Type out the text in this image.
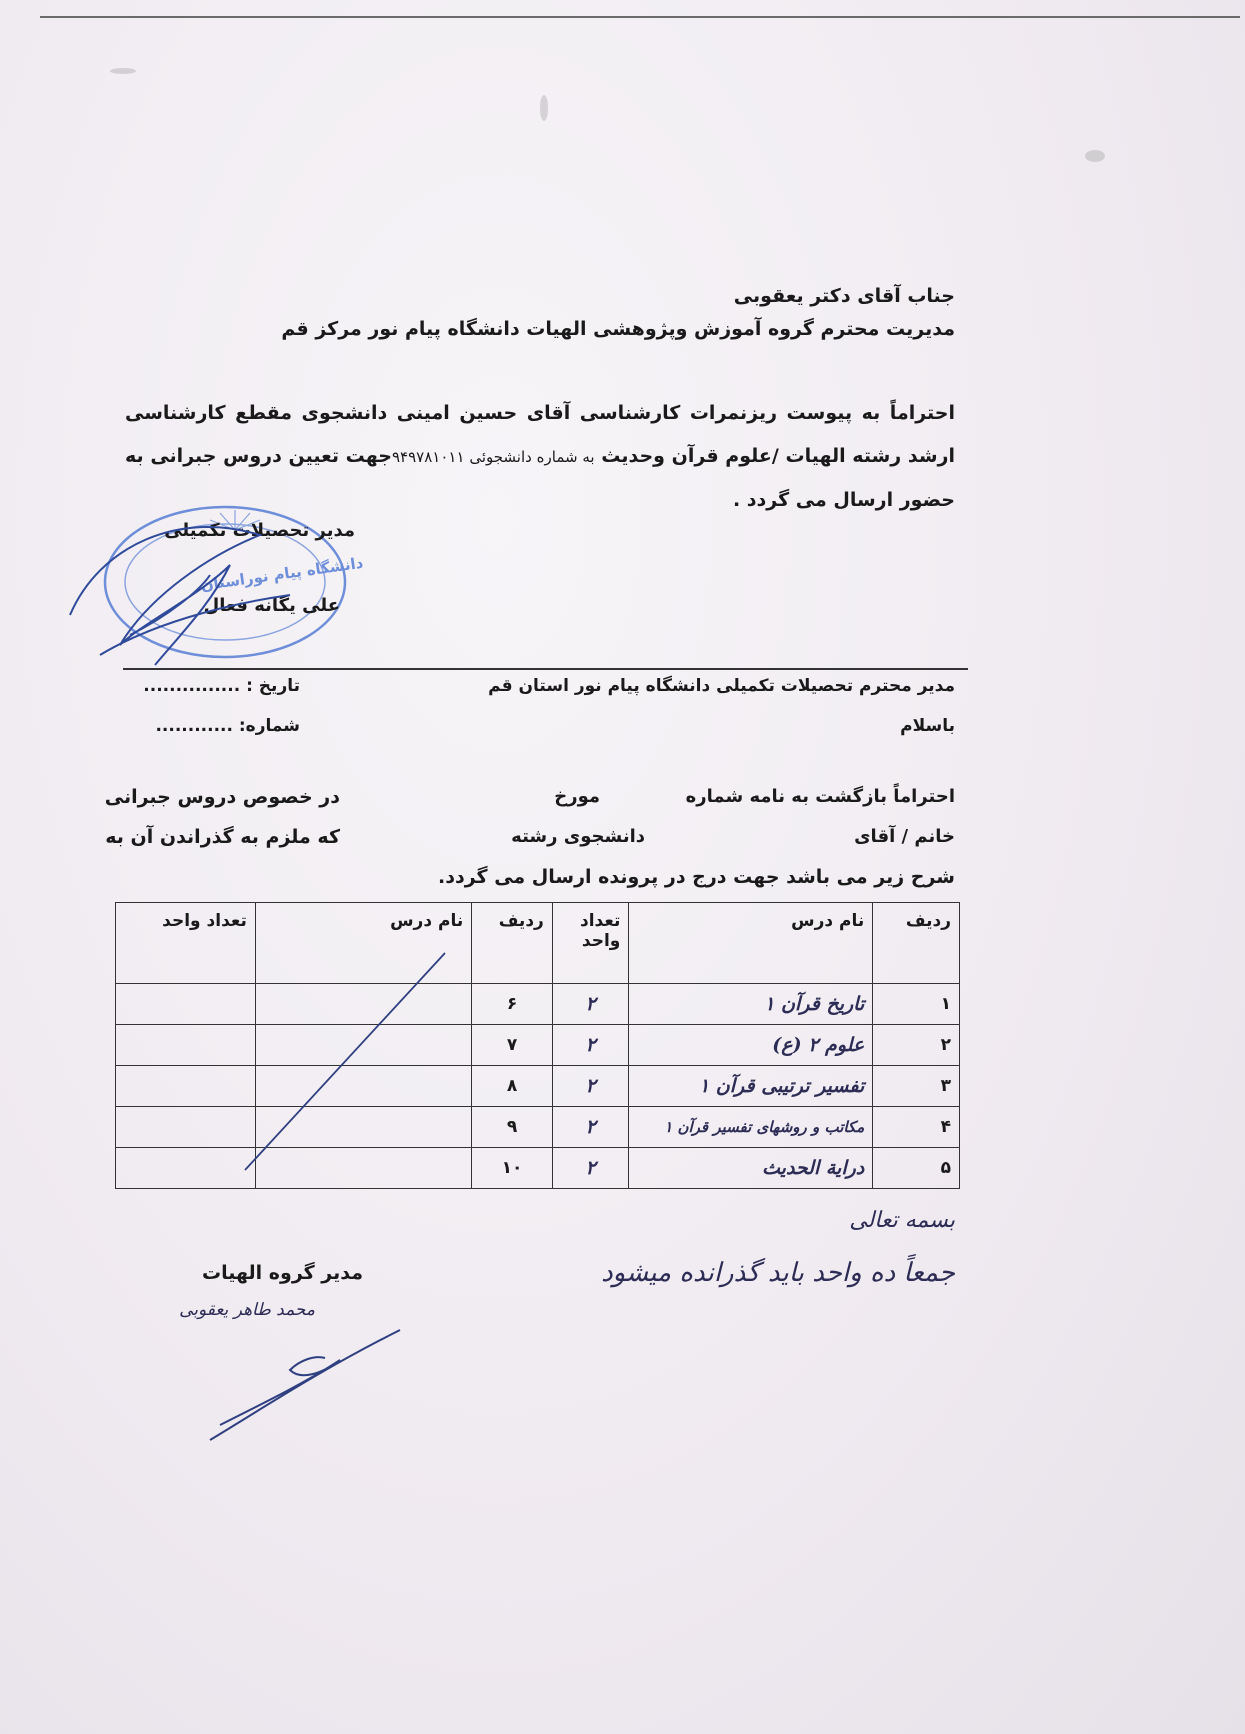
جناب آقای دکتر یعقوبی
مدیریت محترم گروه آموزش وپژوهشی الهیات دانشگاه پیام نور مرکز قم
احتراماً به پیوست ریزنمرات کارشناسی آقای حسین امینی دانشجوی مقطع کارشناسی ارشد رشته الهیات /علوم قرآن وحدیث به شماره دانشجوئی ۹۴۹۷۸۱۰۱۱جهت تعیین دروس جبرانی به حضور ارسال می گردد .
دانشگاه پیام نوراستان
مدیر تحصیلات تکمیلی
علی یگانه فعال
مدیر محترم تحصیلات تکمیلی دانشگاه پیام نور استان قم
باسلام
تاریخ : ...............
شماره: ............
احتراماً بازگشت به نامه شماره
مورخ
در خصوص دروس جبرانی
خانم / آقای
دانشجوی رشته
که ملزم به گذراندن آن به
شرح زیر می باشد جهت درج در پرونده ارسال می گردد.
ردیف	نام درس	تعداد واحد	ردیف	نام درس	تعداد واحد
۱	تاریخ قرآن ۱	۲	۶		
۲	علوم ۲ (ع)	۲	۷		
۳	تفسیر ترتیبی قرآن ۱	۲	۸		
۴	مکاتب و روشهای تفسیر قرآن ۱	۲	۹		
۵	دراية الحديث	۲	۱۰		
بسمه تعالی
جمعاً ده واحد باید گذرانده میشود
مدیر گروه الهیات
محمد طاهر یعقوبی
